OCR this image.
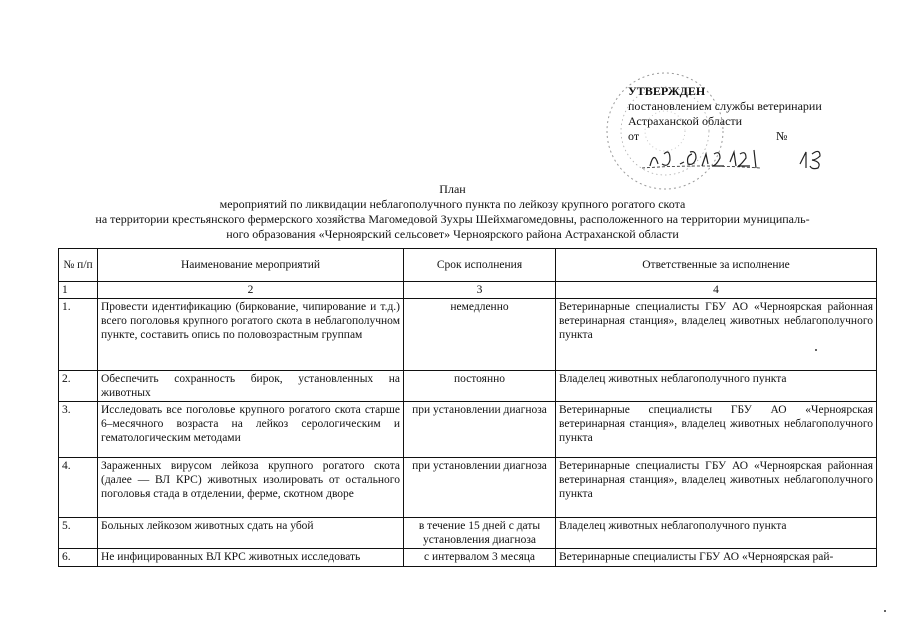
УТВЕРЖДЕН
постановлением службы ветеринарии
Астраханской области
от	№
План
мероприятий по ликвидации неблагополучного пункта по лейкозу крупного рогатого скота
на территории крестьянского фермерского хозяйства Магомедовой Зухры Шейхмагомедовны, расположенного на территории муниципаль-
ного образования «Черноярский сельсовет» Черноярского района Астраханской области
№ п/п	Наименование мероприятий	Срок исполнения	Ответственные за исполнение
1	2	3	4
1.	Провести идентификацию (биркование, чипирование и т.д.) всего поголовья крупного рогатого скота в неблагополучном пункте, составить опись по половозрастным группам	немедленно	Ветеринарные специалисты ГБУ АО «Черноярская районная ветеринарная станция», владелец животных неблагополучного пункта
2.	Обеспечить сохранность бирок, установленных на животных	постоянно	Владелец животных неблагополучного пункта
3.	Исследовать все поголовье крупного рогатого скота старше 6–месячного возраста на лейкоз серологическим и гематологическим методами	при установлении диагноза	Ветеринарные специалисты ГБУ АО «Черноярская ветеринарная станция», владелец животных неблагополучного пункта
4.	Зараженных вирусом лейкоза крупного рогатого скота (далее — ВЛ КРС) животных изолировать от остального поголовья стада в отделении, ферме, скотном дворе	при установлении диагноза	Ветеринарные специалисты ГБУ АО «Черноярская районная ветеринарная станция», владелец животных неблагополучного пункта
5.	Больных лейкозом животных сдать на убой	в течение 15 дней с даты установления диагноза	Владелец животных неблагополучного пункта
6.	Не инфицированных ВЛ КРС животных исследовать	с интервалом 3 месяца	Ветеринарные специалисты ГБУ АО «Черноярская рай-
